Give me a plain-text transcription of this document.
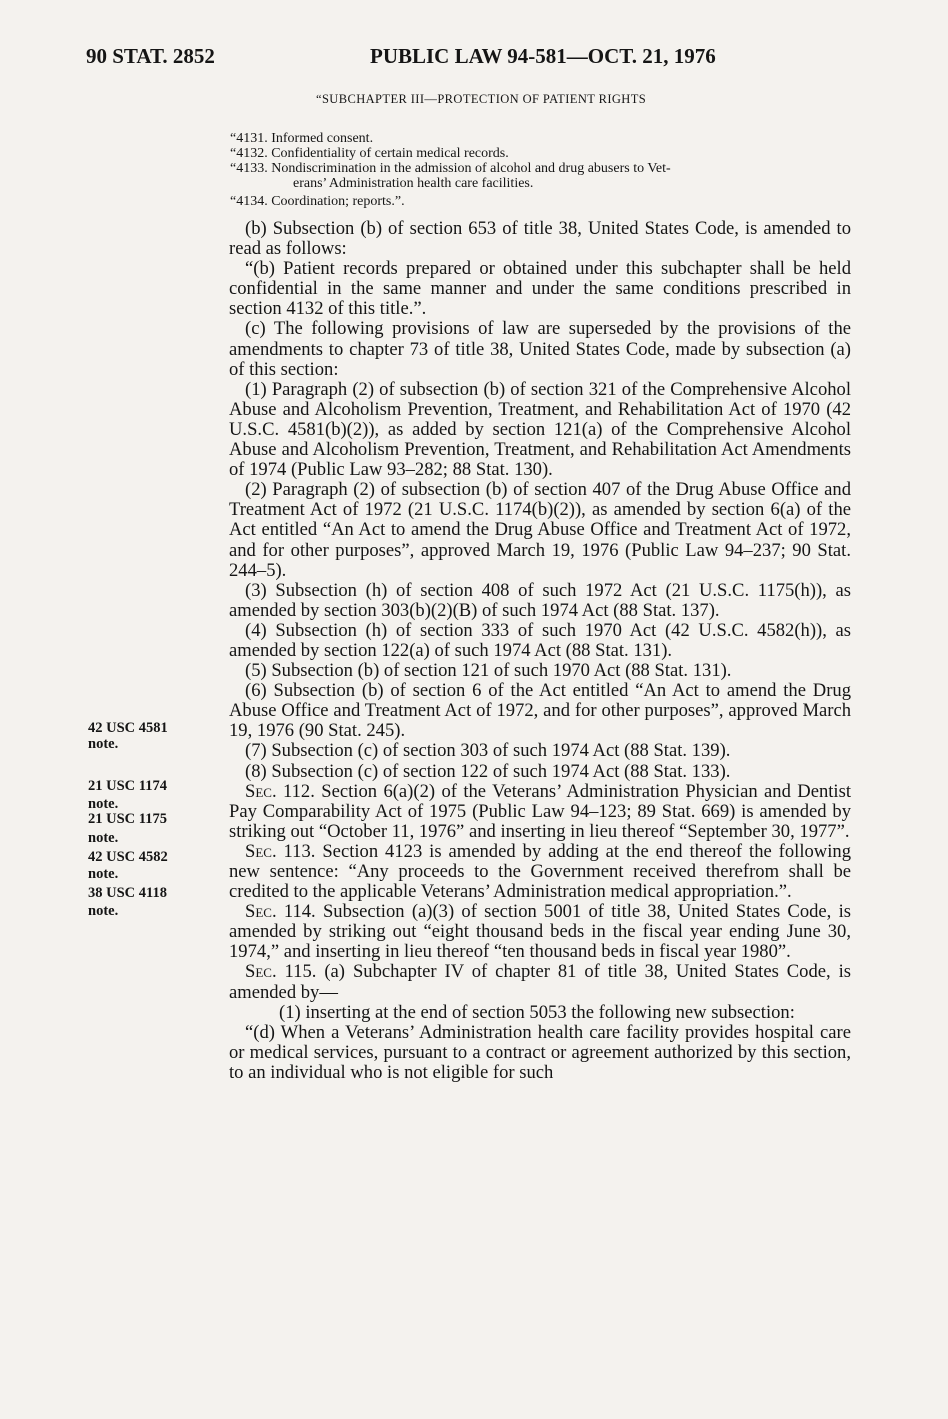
90 STAT. 2852	PUBLIC LAW 94-581—OCT. 21, 1976
“SUBCHAPTER III—PROTECTION OF PATIENT RIGHTS
“4131. Informed consent.
“4132. Confidentiality of certain medical records.
“4133. Nondiscrimination in the admission of alcohol and drug abusers to Vet-
erans’ Administration health care facilities.
“4134. Coordination; reports.”.
42 USC 4581
note.
21 USC 1174
note.
21 USC 1175
note.
42 USC 4582
note.
38 USC 4118
note.

(b) Subsection (b) of section 653 of title 38, United States Code, is amended to read as follows:

“(b) Patient records prepared or obtained under this subchapter shall be held confidential in the same manner and under the same conditions prescribed in section 4132 of this title.”.

(c) The following provisions of law are superseded by the provisions of the amendments to chapter 73 of title 38, United States Code, made by subsection (a) of this section:

(1) Paragraph (2) of subsection (b) of section 321 of the Comprehensive Alcohol Abuse and Alcoholism Prevention, Treatment, and Rehabilitation Act of 1970 (42 U.S.C. 4581(b)(2)), as added by section 121(a) of the Comprehensive Alcohol Abuse and Alcoholism Prevention, Treatment, and Rehabilitation Act Amendments of 1974 (Public Law 93–282; 88 Stat. 130).

(2) Paragraph (2) of subsection (b) of section 407 of the Drug Abuse Office and Treatment Act of 1972 (21 U.S.C. 1174(b)(2)), as amended by section 6(a) of the Act entitled “An Act to amend the Drug Abuse Office and Treatment Act of 1972, and for other purposes”, approved March 19, 1976 (Public Law 94–237; 90 Stat. 244–5).

(3) Subsection (h) of section 408 of such 1972 Act (21 U.S.C. 1175(h)), as amended by section 303(b)(2)(B) of such 1974 Act (88 Stat. 137).

(4) Subsection (h) of section 333 of such 1970 Act (42 U.S.C. 4582(h)), as amended by section 122(a) of such 1974 Act (88 Stat. 131).

(5) Subsection (b) of section 121 of such 1970 Act (88 Stat. 131).

(6) Subsection (b) of section 6 of the Act entitled “An Act to amend the Drug Abuse Office and Treatment Act of 1972, and for other purposes”, approved March 19, 1976 (90 Stat. 245).

(7) Subsection (c) of section 303 of such 1974 Act (88 Stat. 139).

(8) Subsection (c) of section 122 of such 1974 Act (88 Stat. 133).

Sec. 112. Section 6(a)(2) of the Veterans’ Administration Physician and Dentist Pay Comparability Act of 1975 (Public Law 94–123; 89 Stat. 669) is amended by striking out “October 11, 1976” and inserting in lieu thereof “September 30, 1977”.

Sec. 113. Section 4123 is amended by adding at the end thereof the following new sentence: “Any proceeds to the Government received therefrom shall be credited to the applicable Veterans’ Administration medical appropriation.”.

Sec. 114. Subsection (a)(3) of section 5001 of title 38, United States Code, is amended by striking out “eight thousand beds in the fiscal year ending June 30, 1974,” and inserting in lieu thereof “ten thousand beds in fiscal year 1980”.

Sec. 115. (a) Subchapter IV of chapter 81 of title 38, United States Code, is amended by—

(1) inserting at the end of section 5053 the following new subsection:

“(d) When a Veterans’ Administration health care facility provides hospital care or medical services, pursuant to a contract or agreement authorized by this section, to an individual who is not eligible for such
